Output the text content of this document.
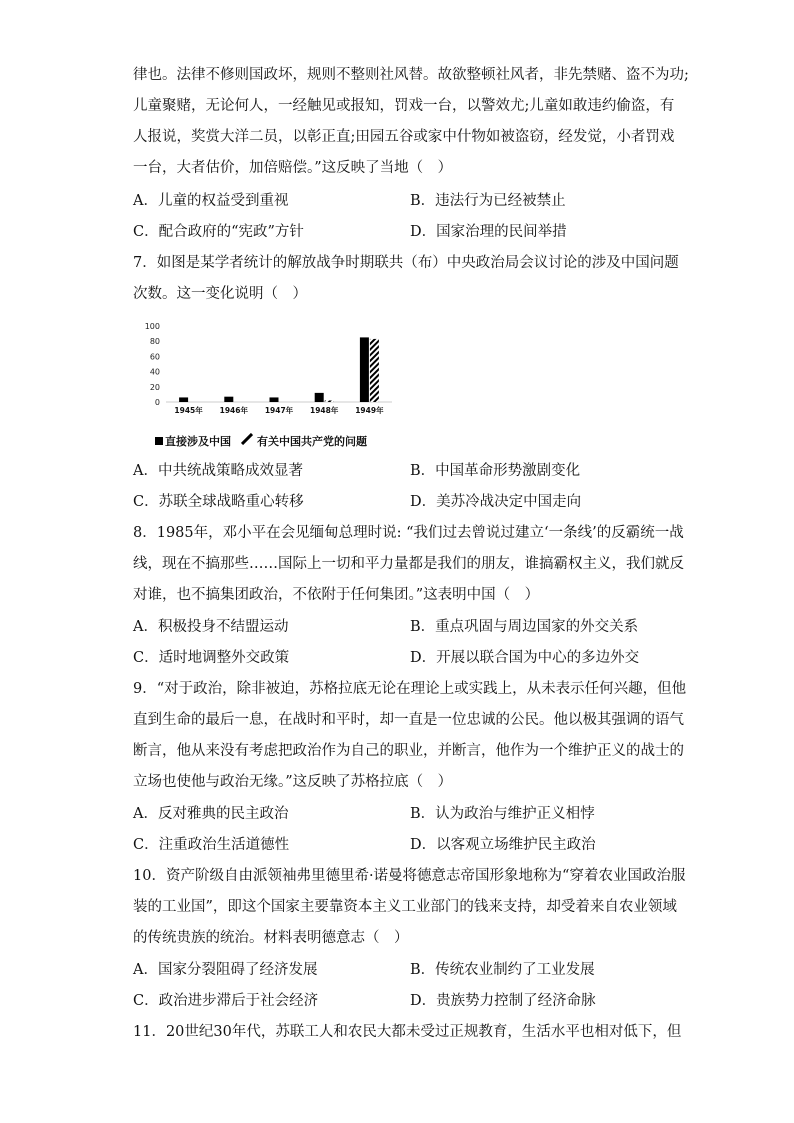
律也。法律不修则国政坏，规则不整则社风替。故欲整顿社风者，非先禁赌、盗不为功;
儿童聚赌，无论何人，一经触见或报知，罚戏一台，以警效尤;儿童如敢违约偷盗，有
人报说，奖赏大洋二员，以彰正直;田园五谷或家中什物如被盗窃，经发觉，小者罚戏
一台，大者估价，加倍赔偿。”这反映了当地（　）
A．儿童的权益受到重视	B．违法行为已经被禁止
C．配合政府的“宪政”方针	D．国家治理的民间举措
7．如图是某学者统计的解放战争时期联共（布）中央政治局会议讨论的涉及中国问题
次数。这一变化说明（　）
0
20
40
60
80
100
1945年 1946年 1947年 1948年 1949年
直接涉及中国 有关中国共产党的问题
A．中共统战策略成效显著	B．中国革命形势激剧变化
C．苏联全球战略重心转移	D．美苏冷战决定中国走向
8．1985年，邓小平在会见缅甸总理时说: “我们过去曾说过建立‘一条线’的反霸统一战
线，现在不搞那些……国际上一切和平力量都是我们的朋友，谁搞霸权主义，我们就反
对谁，也不搞集团政治，不依附于任何集团。”这表明中国（　）
A．积极投身不结盟运动	B．重点巩固与周边国家的外交关系
C．适时地调整外交政策	D．开展以联合国为中心的多边外交
9．“对于政治，除非被迫，苏格拉底无论在理论上或实践上，从未表示任何兴趣，但他
直到生命的最后一息，在战时和平时，却一直是一位忠诚的公民。他以极其强调的语气
断言，他从来没有考虑把政治作为自己的职业，并断言，他作为一个维护正义的战士的
立场也使他与政治无缘。”这反映了苏格拉底（　）
A．反对雅典的民主政治	B．认为政治与维护正义相悖
C．注重政治生活道德性	D．以客观立场维护民主政治
10．资产阶级自由派领袖弗里德里希·诺曼将德意志帝国形象地称为“穿着农业国政治服
装的工业国”，即这个国家主要靠资本主义工业部门的钱来支持，却受着来自农业领域
的传统贵族的统治。材料表明德意志（　）
A．国家分裂阻碍了经济发展	B．传统农业制约了工业发展
C．政治进步滞后于社会经济	D．贵族势力控制了经济命脉
11．20世纪30年代，苏联工人和农民大都未受过正规教育，生活水平也相对低下，但
